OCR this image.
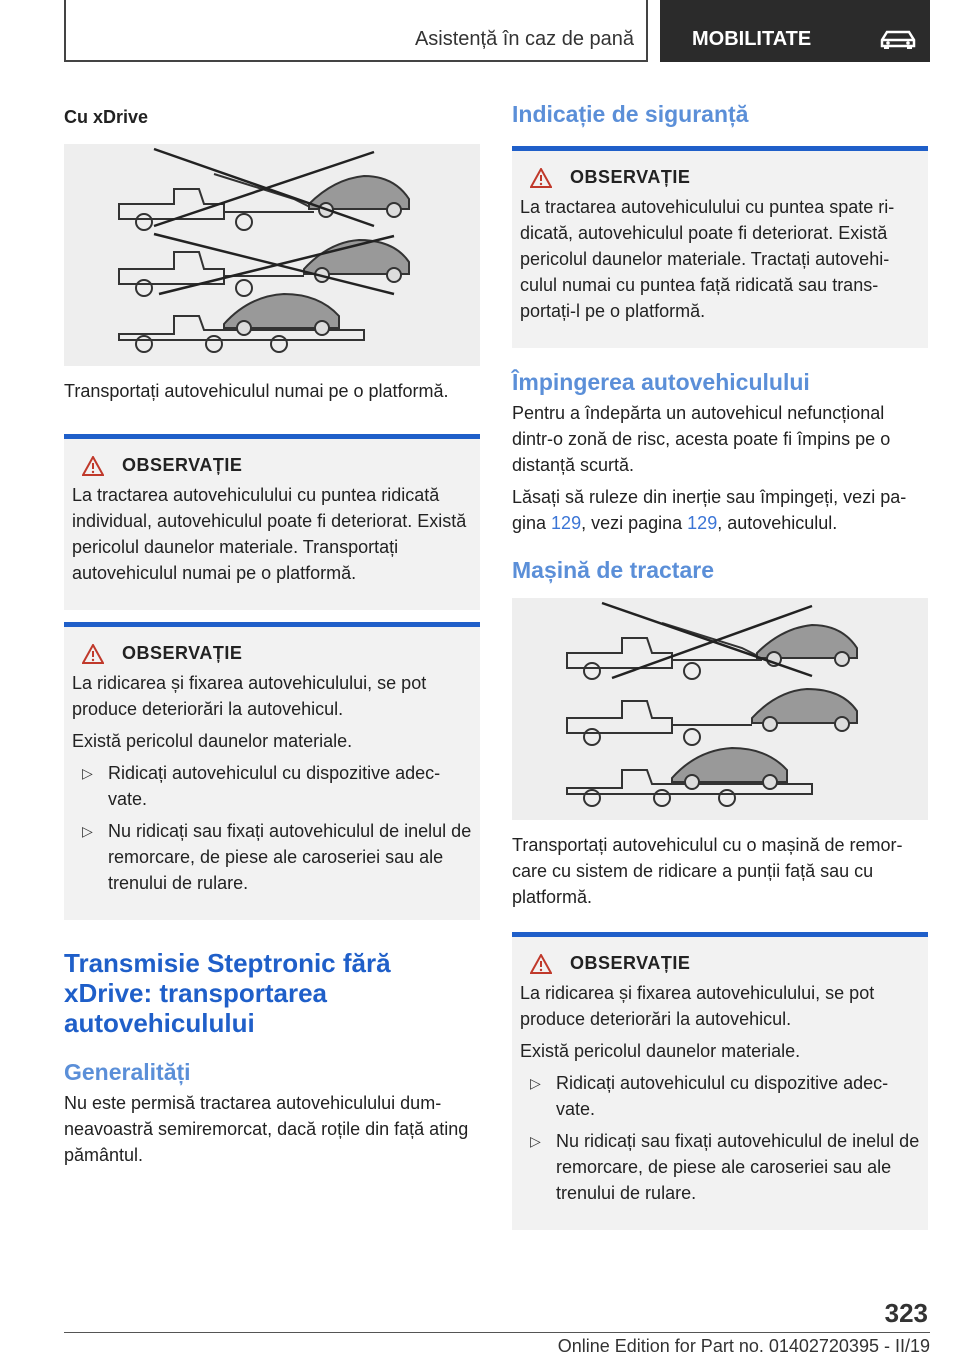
Asistență în caz de pană	MOBILITATE

Cu xDrive

Transportați autovehiculul numai pe o platformă.

OBSERVAȚIE

La tractarea autovehiculului cu puntea ridicată individual, autovehiculul poate fi deteriorat. Există pericolul daunelor materiale. Transportați autovehiculul numai pe o platformă.

OBSERVAȚIE

La ridicarea și fixarea autovehiculului, se pot produce deteriorări la autovehicul.

Există pericolul daunelor materiale.

▷ Ridicați autovehiculul cu dispozitive adec‐vate.
▷ Nu ridicați sau fixați autovehiculul de inelul de remorcare, de piese ale caroseriei sau ale trenului de rulare.
Transmisie Steptronic fără xDrive: transportarea autovehiculului
Generalități

Nu este permisă tractarea autovehiculului dum‐neavoastră semiremorcat, dacă roțile din față ating pământul.

Indicație de siguranță
OBSERVAȚIE

La tractarea autovehiculului cu puntea spate ri‐dicată, autovehiculul poate fi deteriorat. Există pericolul daunelor materiale. Tractați autovehi‐culul numai cu puntea față ridicată sau trans‐portați-l pe o platformă.

Împingerea autovehiculului

Pentru a îndepărta un autovehicul nefuncțional dintr-o zonă de risc, acesta poate fi împins pe o distanță scurtă.

Lăsați să ruleze din inerție sau împingeți, vezi pa‐gina 129, vezi pagina 129, autovehiculul.

Mașină de tractare

Transportați autovehiculul cu o mașină de remor‐care cu sistem de ridicare a punții față sau cu platformă.

OBSERVAȚIE

La ridicarea și fixarea autovehiculului, se pot produce deteriorări la autovehicul.

Există pericolul daunelor materiale.

▷ Ridicați autovehiculul cu dispozitive adec‐vate.
▷ Nu ridicați sau fixați autovehiculul de inelul de remorcare, de piese ale caroseriei sau ale trenului de rulare.
323
Online Edition for Part no. 01402720395 - II/19
